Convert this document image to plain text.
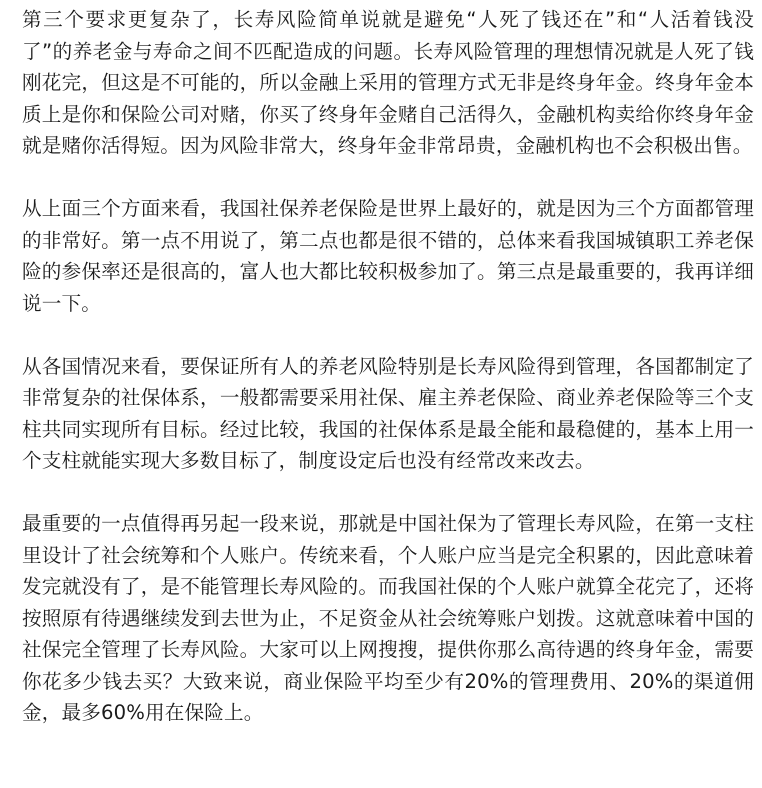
第三个要求更复杂了，长寿风险简单说就是避免“人死了钱还在”和“人活着钱没了”的养老金与寿命之间不匹配造成的问题。长寿风险管理的理想情况就是人死了钱刚花完，但这是不可能的，所以金融上采用的管理方式无非是终身年金。终身年金本质上是你和保险公司对赌，你买了终身年金赌自己活得久，金融机构卖给你终身年金就是赌你活得短。因为风险非常大，终身年金非常昂贵，金融机构也不会积极出售。

从上面三个方面来看，我国社保养老保险是世界上最好的，就是因为三个方面都管理的非常好。第一点不用说了，第二点也都是很不错的，总体来看我国城镇职工养老保险的参保率还是很高的，富人也大都比较积极参加了。第三点是最重要的，我再详细说一下。

从各国情况来看，要保证所有人的养老风险特别是长寿风险得到管理，各国都制定了非常复杂的社保体系，一般都需要采用社保、雇主养老保险、商业养老保险等三个支柱共同实现所有目标。经过比较，我国的社保体系是最全能和最稳健的，基本上用一个支柱就能实现大多数目标了，制度设定后也没有经常改来改去。

最重要的一点值得再另起一段来说，那就是中国社保为了管理长寿风险，在第一支柱里设计了社会统筹和个人账户。传统来看，个人账户应当是完全积累的，因此意味着发完就没有了，是不能管理长寿风险的。而我国社保的个人账户就算全花完了，还将按照原有待遇继续发到去世为止，不足资金从社会统筹账户划拨。这就意味着中国的社保完全管理了长寿风险。大家可以上网搜搜，提供你那么高待遇的终身年金，需要你花多少钱去买？大致来说，商业保险平均至少有20%的管理费用、20%的渠道佣金，最多60%用在保险上。
